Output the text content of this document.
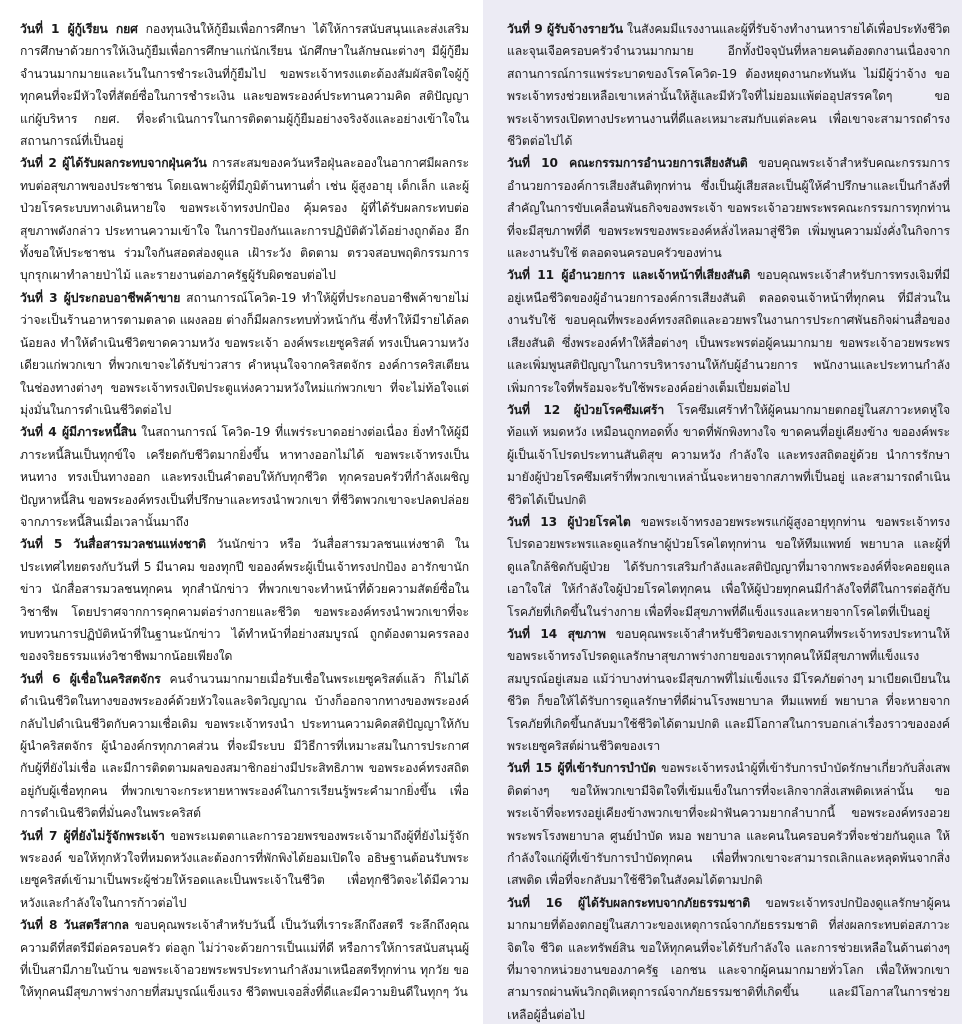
วันที่ 1 ผู้กู้เรียน กยศ กองทุนเงินให้กู้ยืมเพื่อการศึกษา ได้ให้การสนับสนุนและส่งเสริมการศึกษาด้วยการให้เงินกู้ยืมเพื่อการศึกษาแก่นักเรียน นักศึกษาในลักษณะต่างๆ มีผู้กู้ยืมจำนวนมากมายและเว้นในการชำระเงินที่กู้ยืมไป ขอพระเจ้าทรงแตะต้องสัมผัสจิตใจผู้กู้ทุกคนที่จะมีหัวใจที่สัตย์ซื่อในการชำระเงิน และขอพระองค์ประทานความคิด สติปัญญาแก่ผู้บริหาร กยศ. ที่จะดำเนินการในการติดตามผู้กู้ยืมอย่างจริงจังและอย่างเข้าใจในสถานการณ์ที่เป็นอยู่

วันที่ 2 ผู้ได้รับผลกระทบจากฝุ่นควัน การสะสมของควันหรือฝุ่นละอองในอากาศมีผลกระทบต่อสุขภาพของประชาชน โดยเฉพาะผู้ที่มีภูมิต้านทานต่ำ เช่น ผู้สูงอายุ เด็กเล็ก และผู้ป่วยโรคระบบทางเดินหายใจ ขอพระเจ้าทรงปกป้อง คุ้มครอง ผู้ที่ได้รับผลกระทบต่อสุขภาพดังกล่าว ประทานความเข้าใจ ในการป้องกันและการปฏิบัติตัวได้อย่างถูกต้อง อีกทั้งขอให้ประชาชน ร่วมใจกันสอดส่องดูแล เฝ้าระวัง ติดตาม ตรวจสอบพฤติกรรมการบุกรุกเผาทำลายป่าไม้ และรายงานต่อภาครัฐผู้รับผิดชอบต่อไป

วันที่ 3 ผู้ประกอบอาชีพค้าขาย สถานการณ์โควิด-19 ทำให้ผู้ที่ประกอบอาชีพค้าขายไม่ว่าจะเป็นร้านอาหารตามตลาด แผงลอย ต่างก็มีผลกระทบทั่วหน้ากัน ซึ่งทำให้มีรายได้ลดน้อยลง ทำให้ดำเนินชีวิตขาดความหวัง ขอพระเจ้า องค์พระเยซูคริสต์ ทรงเป็นความหวังเดียวแก่พวกเขา ที่พวกเขาจะได้รับข่าวสาร คำหนุนใจจากคริสตจักร องค์การคริสเตียนในช่องทางต่างๆ ขอพระเจ้าทรงเปิดประตูแห่งความหวังใหม่แก่พวกเขา ที่จะไม่ท้อใจแต่มุ่งมั่นในการดำเนินชีวิตต่อไป

วันที่ 4 ผู้มีภาระหนี้สิน ในสถานการณ์ โควิด-19 ที่แพร่ระบาดอย่างต่อเนื่อง ยิ่งทำให้ผู้มีภาระหนี้สินเป็นทุกข์ใจ เครียดกับชีวิตมากยิ่งขึ้น หาทางออกไม่ได้ ขอพระเจ้าทรงเป็นหนทาง ทรงเป็นทางออก และทรงเป็นคำตอบให้กับทุกชีวิต ทุกครอบครัวที่กำลังเผชิญปัญหาหนี้สิน ขอพระองค์ทรงเป็นที่ปรึกษาและทรงนำพวกเขา ที่ชีวิตพวกเขาจะปลดปล่อยจากภาระหนี้สินเมื่อเวลานั้นมาถึง

วันที่ 5 วันสื่อสารมวลชนแห่งชาติ วันนักข่าว หรือ วันสื่อสารมวลชนแห่งชาติ ในประเทศไทยตรงกับวันที่ 5 มีนาคม ของทุกปี ขอองค์พระผู้เป็นเจ้าทรงปกป้อง อารักขานักข่าว นักสื่อสารมวลชนทุกคน ทุกสำนักข่าว ที่พวกเขาจะทำหน้าที่ด้วยความสัตย์ซื่อในวิชาชีพ โดยปราศจากการคุกคามต่อร่างกายและชีวิต ขอพระองค์ทรงนำพวกเขาที่จะทบทวนการปฏิบัติหน้าที่ในฐานะนักข่าว ได้ทำหน้าที่อย่างสมบูรณ์ ถูกต้องตามครรลองของจริยธรรมแห่งวิชาชีพมากน้อยเพียงใด

วันที่ 6 ผู้เชื่อในคริสตจักร คนจำนวนมากมายเมื่อรับเชื่อในพระเยซูคริสต์แล้ว ก็ไม่ได้ดำเนินชีวิตในทางของพระองค์ด้วยหัวใจและจิตวิญญาณ บ้างก็ออกจากทางของพระองค์กลับไปดำเนินชีวิตกับความเชื่อเดิม ขอพระเจ้าทรงนำ ประทานความคิดสติปัญญาให้กับผู้นำคริสตจักร ผู้นำองค์กรทุกภาคส่วน ที่จะมีระบบ มีวิธีการที่เหมาะสมในการประกาศกับผู้ที่ยังไม่เชื่อ และมีการติดตามผลของสมาชิกอย่างมีประสิทธิภาพ ขอพระองค์ทรงสถิตอยู่กับผู้เชื่อทุกคน ที่พวกเขาจะกระหายหาพระองค์ในการเรียนรู้พระคำมากยิ่งขึ้น เพื่อการดำเนินชีวิตที่มั่นคงในพระคริสต์

วันที่ 7 ผู้ที่ยังไม่รู้จักพระเจ้า ขอพระเมตตาและการอวยพรของพระเจ้ามาถึงผู้ที่ยังไม่รู้จักพระองค์ ขอให้ทุกหัวใจที่หมดหวังและต้องการที่พักพิงได้ยอมเปิดใจ อธิษฐานต้อนรับพระเยซูคริสต์เข้ามาเป็นพระผู้ช่วยให้รอดและเป็นพระเจ้าในชีวิต เพื่อทุกชีวิตจะได้มีความหวังและกำลังใจในการก้าวต่อไป

วันที่ 8 วันสตรีสากล ขอบคุณพระเจ้าสำหรับวันนี้ เป็นวันที่เราระลึกถึงสตรี ระลึกถึงคุณความดีที่สตรีมีต่อครอบครัว ต่อลูก ไม่ว่าจะด้วยการเป็นแม่ที่ดี หรือการให้การสนับสนุนผู้ที่เป็นสามีภายในบ้าน ขอพระเจ้าอวยพระพรประทานกำลังมาเหนือสตรีทุกท่าน ทุกวัย ขอให้ทุกคนมีสุขภาพร่างกายที่สมบูรณ์แข็งแรง ชีวิตพบเจอสิ่งที่ดีและมีความยินดีในทุกๆ วัน

วันที่ 9 ผู้รับจ้างรายวัน ในสังคมมีแรงงานและผู้ที่รับจ้างทำงานหารายได้เพื่อประทังชีวิตและจุนเจือครอบครัวจำนวนมากมาย อีกทั้งปัจจุบันที่หลายคนต้องตกงานเนื่องจากสถานการณ์การแพร่ระบาดของโรคโควิด-19 ต้องหยุดงานกะทันหัน ไม่มีผู้ว่าจ้าง ขอพระเจ้าทรงช่วยเหลือเขาเหล่านั้นให้สู้และมีหัวใจที่ไม่ยอมแพ้ต่ออุปสรรคใดๆ ขอพระเจ้าทรงเปิดทางประทานงานที่ดีและเหมาะสมกับแต่ละคน เพื่อเขาจะสามารถดำรงชีวิตต่อไปได้

วันที่ 10 คณะกรรมการอำนวยการเสียงสันติ ขอบคุณพระเจ้าสำหรับคณะกรรมการอำนวยการองค์การเสียงสันติทุกท่าน ซึ่งเป็นผู้เสียสละเป็นผู้ให้คำปรึกษาและเป็นกำลังที่สำคัญในการขับเคลื่อนพันธกิจของพระเจ้า ขอพระเจ้าอวยพระพรคณะกรรมการทุกท่านที่จะมีสุขภาพที่ดี ขอพระพรของพระองค์หลั่งไหลมาสู่ชีวิต เพิ่มพูนความมั่งคั่งในกิจการและงานรับใช้ ตลอดจนครอบครัวของท่าน

วันที่ 11 ผู้อำนวยการ และเจ้าหน้าที่เสียงสันติ ขอบคุณพระเจ้าสำหรับการทรงเจิมที่มีอยู่เหนือชีวิตของผู้อำนวยการองค์การเสียงสันติ ตลอดจนเจ้าหน้าที่ทุกคน ที่มีส่วนในงานรับใช้ ขอบคุณที่พระองค์ทรงสถิตและอวยพรในงานการประกาศพันธกิจผ่านสื่อของเสียงสันติ ซึ่งพระองค์ทำให้สื่อต่างๆ เป็นพระพรต่อผู้คนมากมาย ขอพระเจ้าอวยพระพรและเพิ่มพูนสติปัญญาในการบริหารงานให้กับผู้อำนวยการ พนักงานและประทานกำลัง เพิ่มการะใจที่พร้อมจะรับใช้พระองค์อย่างเต็มเปี่ยมต่อไป

วันที่ 12 ผู้ป่วยโรคซึมเศร้า โรคซึมเศร้าทำให้ผู้คนมากมายตกอยู่ในสภาวะหดหู่ใจ ท้อแท้ หมดหวัง เหมือนถูกทอดทิ้ง ขาดที่พักพิงทางใจ ขาดคนที่อยู่เคียงข้าง ขอองค์พระผู้เป็นเจ้าโปรดประทานสันติสุข ความหวัง กำลังใจ และทรงสถิตอยู่ด้วย นำการรักษามายังผู้ป่วยโรคซึมเศร้าที่พวกเขาเหล่านั้นจะหายจากสภาพที่เป็นอยู่ และสามารถดำเนินชีวิตได้เป็นปกติ

วันที่ 13 ผู้ป่วยโรคไต ขอพระเจ้าทรงอวยพระพรแก่ผู้สูงอายุทุกท่าน ขอพระเจ้าทรงโปรดอวยพระพรและดูแลรักษาผู้ป่วยโรคไตทุกท่าน ขอให้ทีมแพทย์ พยาบาล และผู้ที่ดูแลใกล้ชิดกับผู้ป่วย ได้รับการเสริมกำลังและสติปัญญาที่มาจากพระองค์ที่จะคอยดูแลเอาใจใส่ ให้กำลังใจผู้ป่วยโรคไตทุกคน เพื่อให้ผู้ป่วยทุกคนมีกำลังใจที่ดีในการต่อสู้กับโรคภัยที่เกิดขึ้นในร่างกาย เพื่อที่จะมีสุขภาพที่ดีแข็งแรงและหายจากโรคไตที่เป็นอยู่

วันที่ 14 สุขภาพ ขอบคุณพระเจ้าสำหรับชีวิตของเราทุกคนที่พระเจ้าทรงประทานให้ ขอพระเจ้าทรงโปรดดูแลรักษาสุขภาพร่างกายของเราทุกคนให้มีสุขภาพที่แข็งแรงสมบูรณ์อยู่เสมอ แม้ว่าบางท่านจะมีสุขภาพที่ไม่แข็งแรง มีโรคภัยต่างๆ มาเบียดเบียนในชีวิต ก็ขอให้ได้รับการดูแลรักษาที่ดีผ่านโรงพยาบาล ทีมแพทย์ พยาบาล ที่จะหายจากโรคภัยที่เกิดขึ้นกลับมาใช้ชีวิตได้ตามปกติ และมีโอกาสในการบอกเล่าเรื่องราวขององค์พระเยซูคริสต์ผ่านชีวิตของเรา

วันที่ 15 ผู้ที่เข้ารับการบำบัด ขอพระเจ้าทรงนำผู้ที่เข้ารับการบำบัดรักษาเกี่ยวกับสิ่งเสพติดต่างๆ ขอให้พวกเขามีจิตใจที่เข้มแข็งในการที่จะเลิกจากสิ่งเสพติดเหล่านั้น ขอพระเจ้าที่จะทรงอยู่เคียงข้างพวกเขาที่จะฝ่าฟันความยากลำบากนี้ ขอพระองค์ทรงอวยพระพรโรงพยาบาล ศูนย์บำบัด หมอ พยาบาล และคนในครอบครัวที่จะช่วยกันดูแล ให้กำลังใจแก่ผู้ที่เข้ารับการบำบัดทุกคน เพื่อที่พวกเขาจะสามารถเลิกและหลุดพ้นจากสิ่งเสพติด เพื่อที่จะกลับมาใช้ชีวิตในสังคมได้ตามปกติ

วันที่ 16 ผู้ได้รับผลกระทบจากภัยธรรมชาติ ขอพระเจ้าทรงปกป้องดูแลรักษาผู้คนมากมายที่ต้องตกอยู่ในสภาวะของเหตุการณ์จากภัยธรรมชาติ ที่ส่งผลกระทบต่อสภาวะจิตใจ ชีวิต และทรัพย์สิน ขอให้ทุกคนที่จะได้รับกำลังใจ และการช่วยเหลือในด้านต่างๆ ที่มาจากหน่วยงานของภาครัฐ เอกชน และจากผู้คนมากมายทั่วโลก เพื่อให้พวกเขาสามารถผ่านพ้นวิกฤติเหตุการณ์จากภัยธรรมชาติที่เกิดขึ้น และมีโอกาสในการช่วยเหลือผู้อื่นต่อไป
